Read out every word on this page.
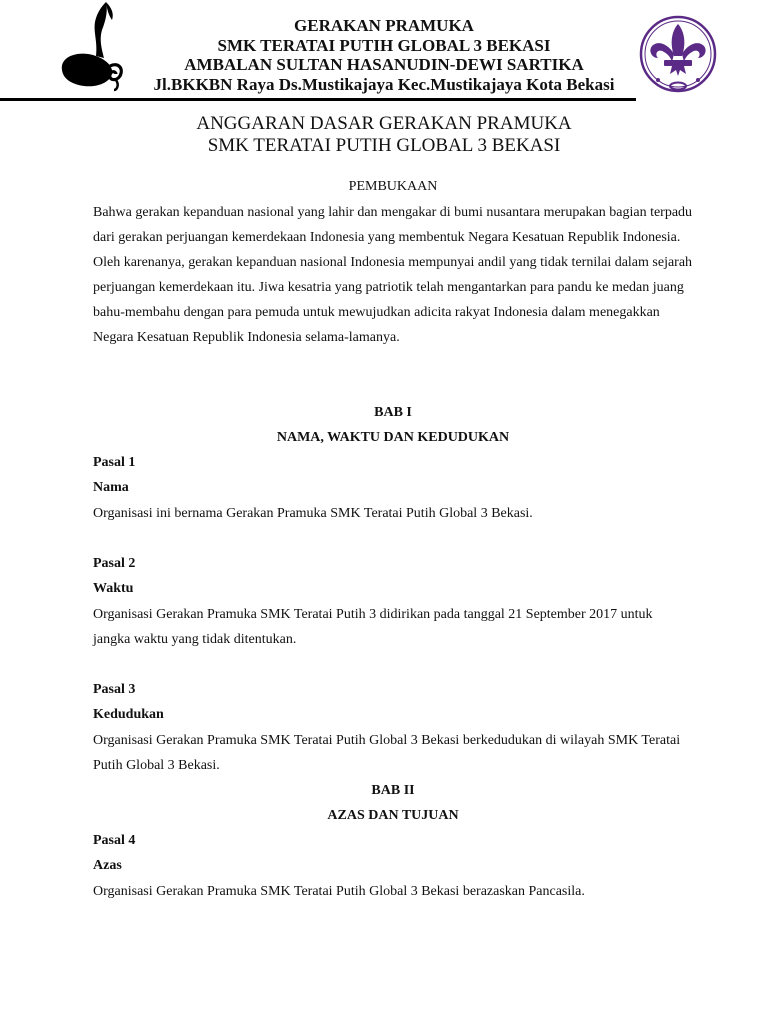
GERAKAN PRAMUKA
SMK TERATAI PUTIH GLOBAL 3 BEKASI
AMBALAN SULTAN HASANUDIN-DEWI SARTIKA
Jl.BKKBN Raya Ds.Mustikajaya Kec.Mustikajaya Kota Bekasi
ANGGARAN DASAR GERAKAN PRAMUKA
SMK TERATAI PUTIH GLOBAL 3 BEKASI
PEMBUKAAN
Bahwa gerakan kepanduan nasional yang lahir dan mengakar di bumi nusantara merupakan bagian terpadu dari gerakan perjuangan kemerdekaan Indonesia yang membentuk Negara Kesatuan Republik Indonesia. Oleh karenanya, gerakan kepanduan nasional Indonesia mempunyai andil yang tidak ternilai dalam sejarah perjuangan kemerdekaan itu. Jiwa kesatria yang patriotik telah mengantarkan para pandu ke medan juang bahu-membahu dengan para pemuda untuk mewujudkan adicita rakyat Indonesia dalam menegakkan Negara Kesatuan Republik Indonesia selama-lamanya.
BAB I
NAMA, WAKTU DAN KEDUDUKAN
Pasal 1
Nama
Organisasi ini bernama Gerakan Pramuka SMK Teratai Putih Global 3 Bekasi.
Pasal 2
Waktu
Organisasi Gerakan Pramuka SMK Teratai Putih 3 didirikan pada tanggal 21 September 2017 untuk jangka waktu yang tidak ditentukan.
Pasal 3
Kedudukan
Organisasi Gerakan Pramuka SMK Teratai Putih Global 3 Bekasi berkedudukan di wilayah SMK Teratai Putih Global 3 Bekasi.
BAB II
AZAS DAN TUJUAN
Pasal 4
Azas
Organisasi Gerakan Pramuka SMK Teratai Putih Global 3 Bekasi berazaskan Pancasila.
